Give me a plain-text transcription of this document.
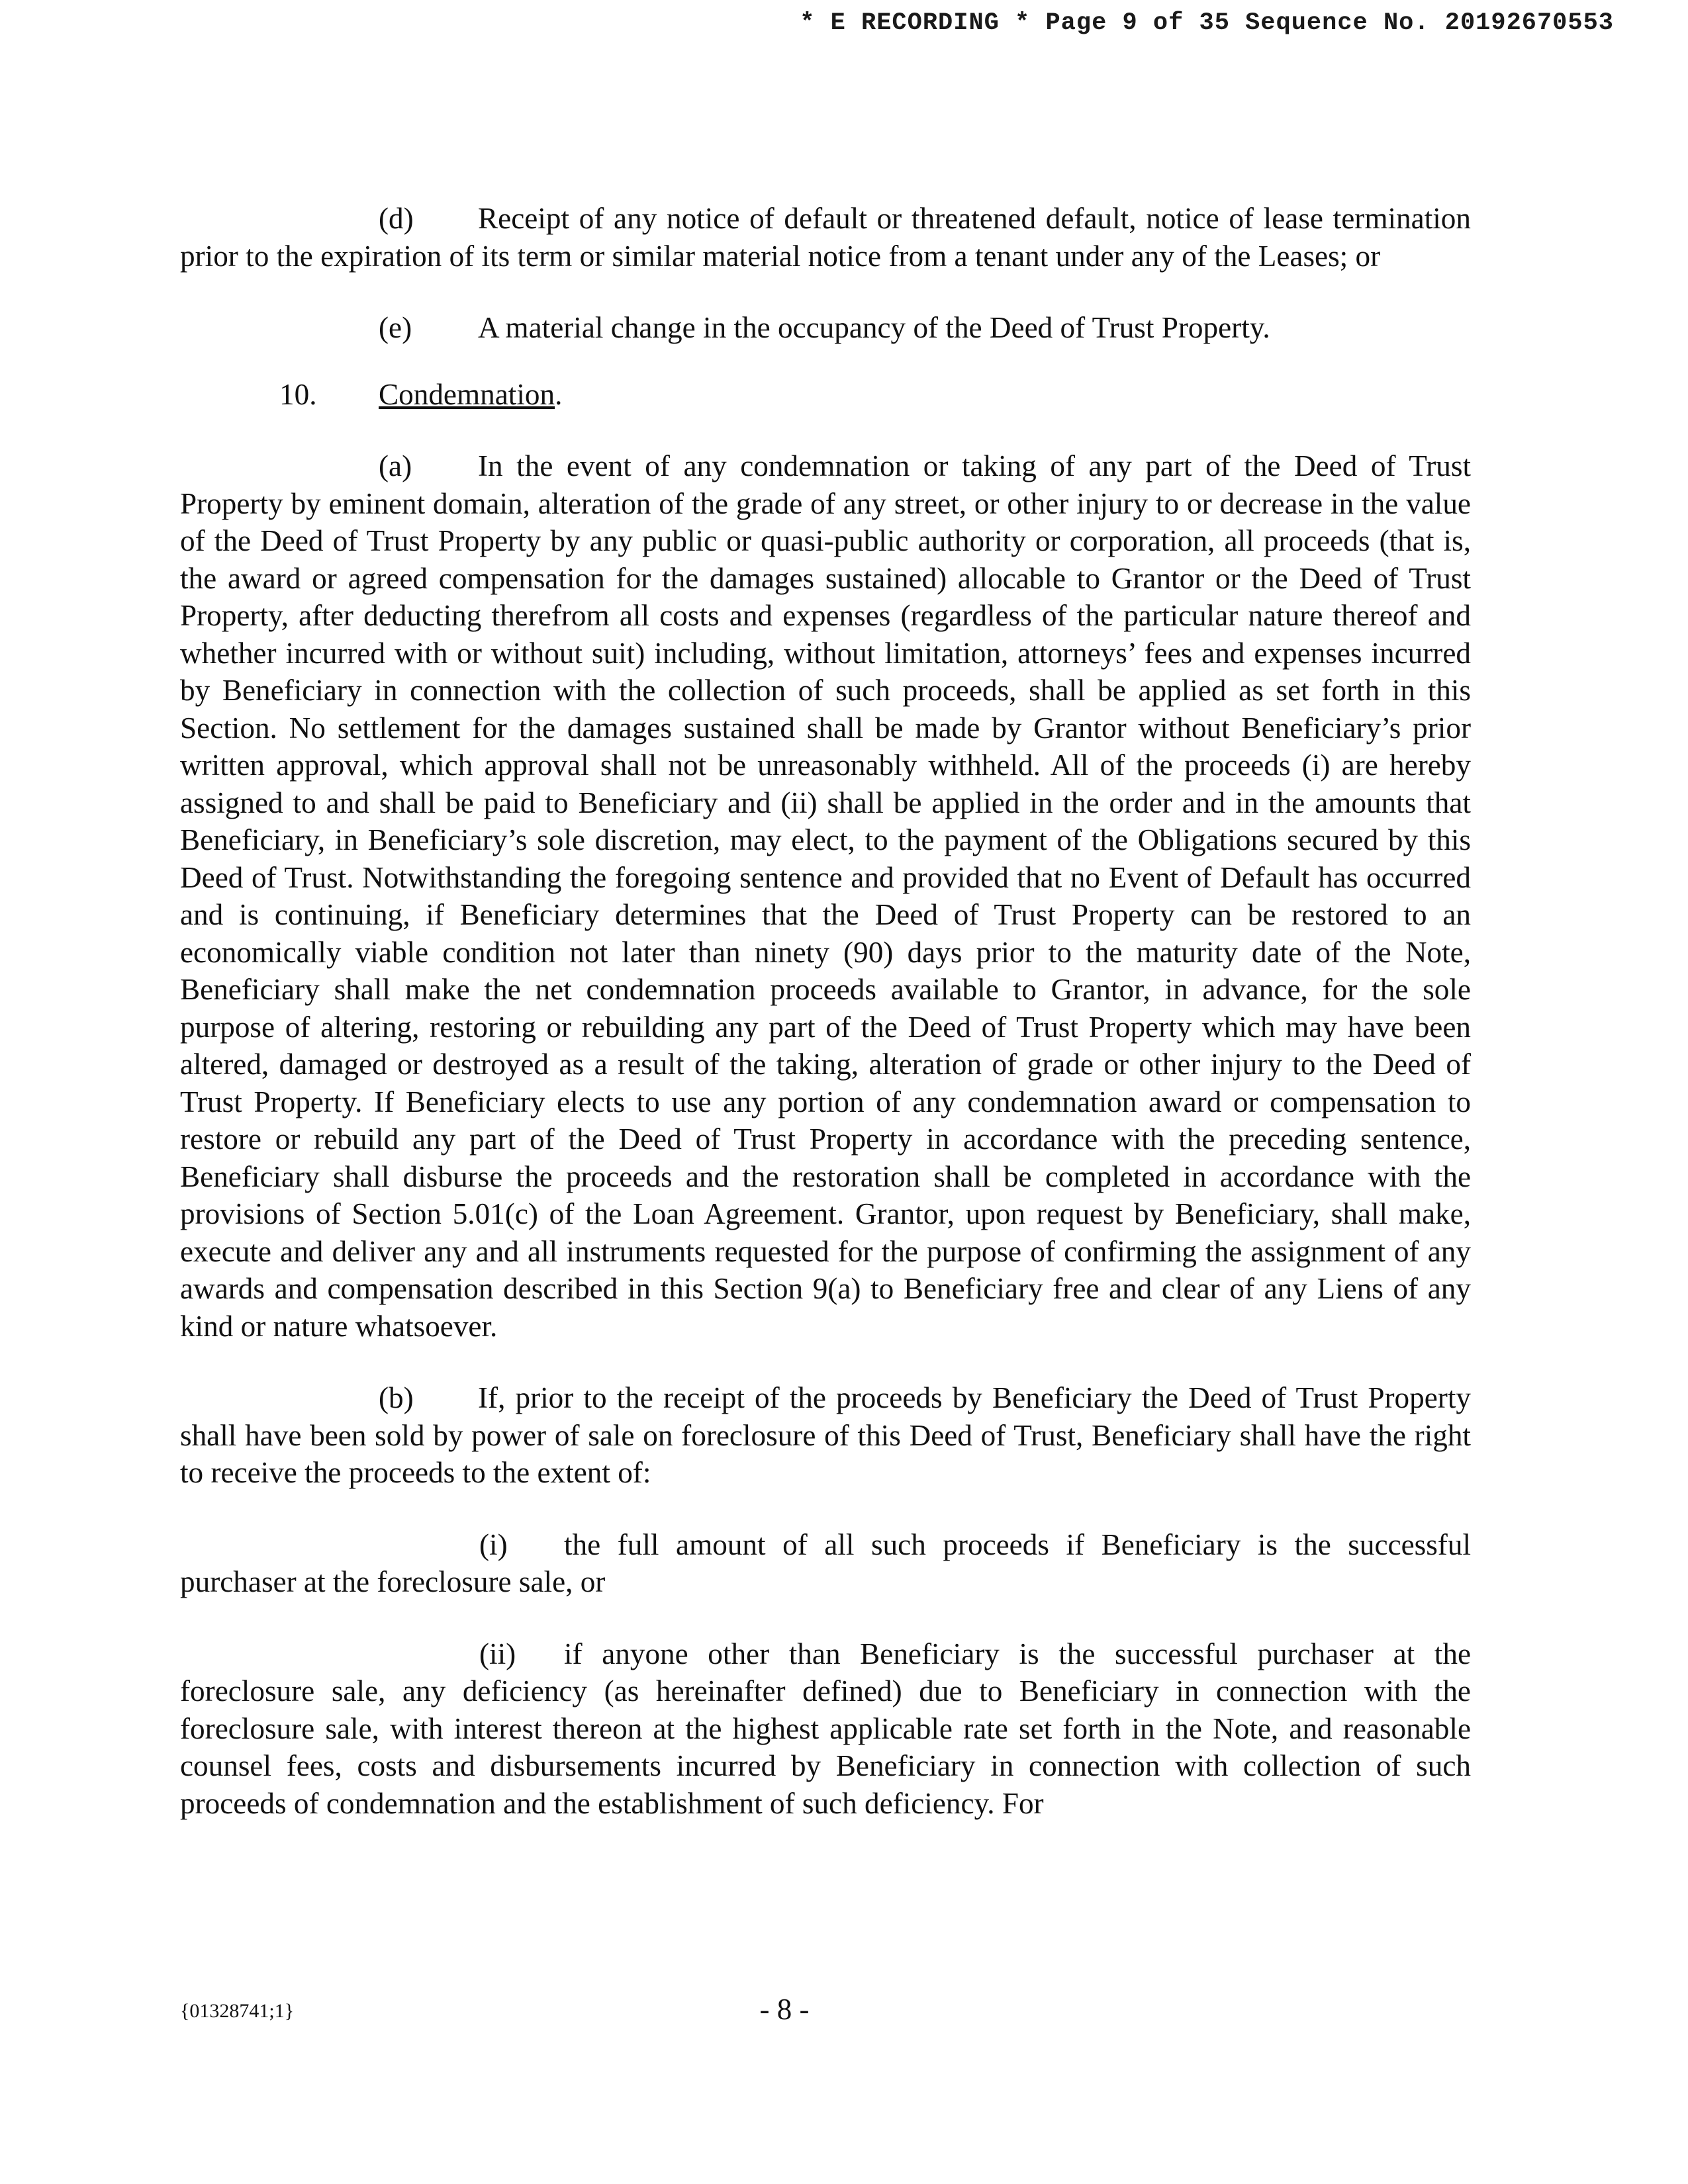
* E RECORDING * Page 9 of 35 Sequence No. 20192670553

(d) Receipt of any notice of default or threatened default, notice of lease termination prior to the expiration of its term or similar material notice from a tenant under any of the Leases; or

(e) A material change in the occupancy of the Deed of Trust Property.

10. Condemnation.

(a) In the event of any condemnation or taking of any part of the Deed of Trust Property by eminent domain, alteration of the grade of any street, or other injury to or decrease in the value of the Deed of Trust Property by any public or quasi-public authority or corporation, all proceeds (that is, the award or agreed compensation for the damages sustained) allocable to Grantor or the Deed of Trust Property, after deducting therefrom all costs and expenses (regardless of the particular nature thereof and whether incurred with or without suit) including, without limitation, attorneys’ fees and expenses incurred by Beneficiary in connection with the collection of such proceeds, shall be applied as set forth in this Section. No settlement for the damages sustained shall be made by Grantor without Beneficiary’s prior written approval, which approval shall not be unreasonably withheld. All of the proceeds (i) are hereby assigned to and shall be paid to Beneficiary and (ii) shall be applied in the order and in the amounts that Beneficiary, in Beneficiary’s sole discretion, may elect, to the payment of the Obligations secured by this Deed of Trust. Notwithstanding the foregoing sentence and provided that no Event of Default has occurred and is continuing, if Beneficiary determines that the Deed of Trust Property can be restored to an economically viable condition not later than ninety (90) days prior to the maturity date of the Note, Beneficiary shall make the net condemnation proceeds available to Grantor, in advance, for the sole purpose of altering, restoring or rebuilding any part of the Deed of Trust Property which may have been altered, damaged or destroyed as a result of the taking, alteration of grade or other injury to the Deed of Trust Property. If Beneficiary elects to use any portion of any condemnation award or compensation to restore or rebuild any part of the Deed of Trust Property in accordance with the preceding sentence, Beneficiary shall disburse the proceeds and the restoration shall be completed in accordance with the provisions of Section 5.01(c) of the Loan Agreement. Grantor, upon request by Beneficiary, shall make, execute and deliver any and all instruments requested for the purpose of confirming the assignment of any awards and compensation described in this Section 9(a) to Beneficiary free and clear of any Liens of any kind or nature whatsoever.

(b) If, prior to the receipt of the proceeds by Beneficiary the Deed of Trust Property shall have been sold by power of sale on foreclosure of this Deed of Trust, Beneficiary shall have the right to receive the proceeds to the extent of:

(i) the full amount of all such proceeds if Beneficiary is the successful purchaser at the foreclosure sale, or

(ii) if anyone other than Beneficiary is the successful purchaser at the foreclosure sale, any deficiency (as hereinafter defined) due to Beneficiary in connection with the foreclosure sale, with interest thereon at the highest applicable rate set forth in the Note, and reasonable counsel fees, costs and disbursements incurred by Beneficiary in connection with collection of such proceeds of condemnation and the establishment of such deficiency. For

{01328741;1}	- 8 -
